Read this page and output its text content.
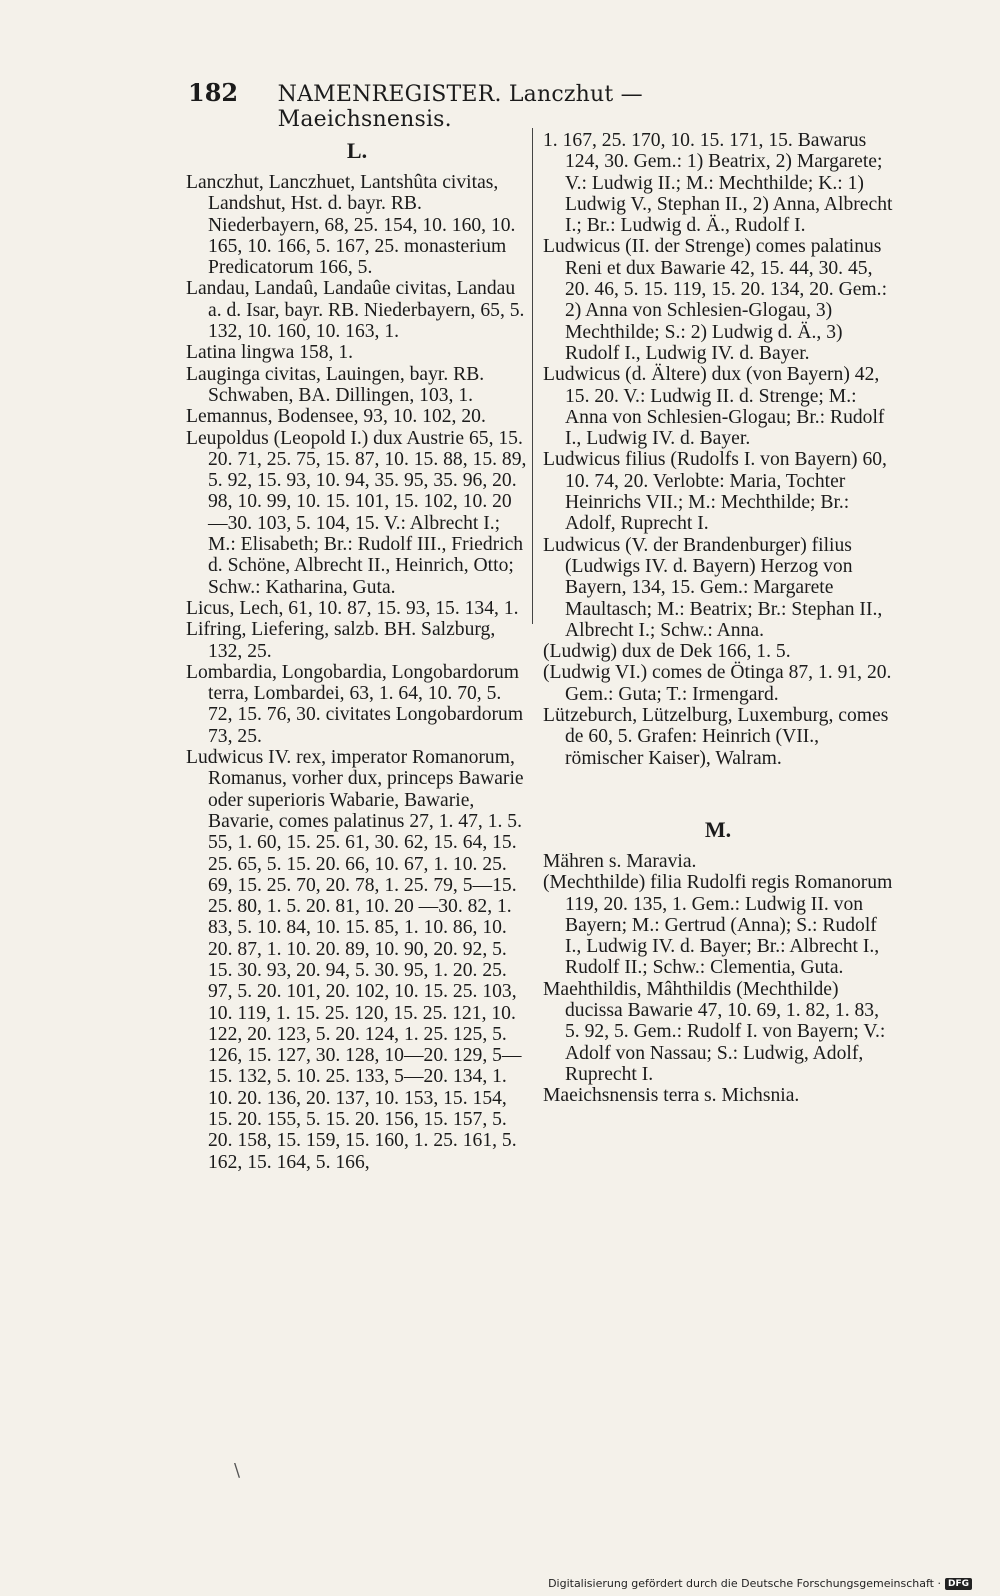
182	NAMENREGISTER. Lanczhut — Maeichsnensis.
L.

Lanczhut, Lanczhuet, Lantshûta civitas, Landshut, Hst. d. bayr. RB. Niederbayern, 68, 25. 154, 10. 160, 10. 165, 10. 166, 5. 167, 25. monasterium Predicatorum 166, 5.

Landau, Landaû, Landaûe civitas, Landau a. d. Isar, bayr. RB. Niederbayern, 65, 5. 132, 10. 160, 10. 163, 1.

Latina lingwa 158, 1.

Lauginga civitas, Lauingen, bayr. RB. Schwaben, BA. Dillingen, 103, 1.

Lemannus, Bodensee, 93, 10. 102, 20.

Leupoldus (Leopold I.) dux Austrie 65, 15. 20. 71, 25. 75, 15. 87, 10. 15. 88, 15. 89, 5. 92, 15. 93, 10. 94, 35. 95, 35. 96, 20. 98, 10. 99, 10. 15. 101, 15. 102, 10. 20—30. 103, 5. 104, 15. V.: Albrecht I.; M.: Elisabeth; Br.: Rudolf III., Friedrich d. Schöne, Albrecht II., Heinrich, Otto; Schw.: Katharina, Guta.

Licus, Lech, 61, 10. 87, 15. 93, 15. 134, 1.

Lifring, Liefering, salzb. BH. Salzburg, 132, 25.

Lombardia, Longobardia, Longobardorum terra, Lombardei, 63, 1. 64, 10. 70, 5. 72, 15. 76, 30. civitates Longobardorum 73, 25.

Ludwicus IV. rex, imperator Romanorum, Romanus, vorher dux, princeps Bawarie oder superioris Wabarie, Bawarie, Bavarie, comes palatinus 27, 1. 47, 1. 5. 55, 1. 60, 15. 25. 61, 30. 62, 15. 64, 15. 25. 65, 5. 15. 20. 66, 10. 67, 1. 10. 25. 69, 15. 25. 70, 20. 78, 1. 25. 79, 5—15. 25. 80, 1. 5. 20. 81, 10. 20 —30. 82, 1. 83, 5. 10. 84, 10. 15. 85, 1. 10. 86, 10. 20. 87, 1. 10. 20. 89, 10. 90, 20. 92, 5. 15. 30. 93, 20. 94, 5. 30. 95, 1. 20. 25. 97, 5. 20. 101, 20. 102, 10. 15. 25. 103, 10. 119, 1. 15. 25. 120, 15. 25. 121, 10. 122, 20. 123, 5. 20. 124, 1. 25. 125, 5. 126, 15. 127, 30. 128, 10—20. 129, 5—15. 132, 5. 10. 25. 133, 5—20. 134, 1. 10. 20. 136, 20. 137, 10. 153, 15. 154, 15. 20. 155, 5. 15. 20. 156, 15. 157, 5. 20. 158, 15. 159, 15. 160, 1. 25. 161, 5. 162, 15. 164, 5. 166,

1. 167, 25. 170, 10. 15. 171, 15. Bawarus 124, 30. Gem.: 1) Beatrix, 2) Margarete; V.: Ludwig II.; M.: Mechthilde; K.: 1) Ludwig V., Stephan II., 2) Anna, Albrecht I.; Br.: Ludwig d. Ä., Rudolf I.

Ludwicus (II. der Strenge) comes palatinus Reni et dux Bawarie 42, 15. 44, 30. 45, 20. 46, 5. 15. 119, 15. 20. 134, 20. Gem.: 2) Anna von Schlesien-Glogau, 3) Mechthilde; S.: 2) Ludwig d. Ä., 3) Rudolf I., Ludwig IV. d. Bayer.

Ludwicus (d. Ältere) dux (von Bayern) 42, 15. 20. V.: Ludwig II. d. Strenge; M.: Anna von Schlesien-Glogau; Br.: Rudolf I., Ludwig IV. d. Bayer.

Ludwicus filius (Rudolfs I. von Bayern) 60, 10. 74, 20. Verlobte: Maria, Tochter Heinrichs VII.; M.: Mechthilde; Br.: Adolf, Ruprecht I.

Ludwicus (V. der Brandenburger) filius (Ludwigs IV. d. Bayern) Herzog von Bayern, 134, 15. Gem.: Margarete Maultasch; M.: Beatrix; Br.: Stephan II., Albrecht I.; Schw.: Anna.

(Ludwig) dux de Dek 166, 1. 5.

(Ludwig VI.) comes de Ötinga 87, 1. 91, 20. Gem.: Guta; T.: Irmengard.

Lützeburch, Lützelburg, Luxemburg, comes de 60, 5. Grafen: Heinrich (VII., römischer Kaiser), Walram.

M.

Mähren s. Maravia.

(Mechthilde) filia Rudolfi regis Romanorum 119, 20. 135, 1. Gem.: Ludwig II. von Bayern; M.: Gertrud (Anna); S.: Rudolf I., Ludwig IV. d. Bayer; Br.: Albrecht I., Rudolf II.; Schw.: Clementia, Guta.

Maehthildis, Mâhthildis (Mechthilde) ducissa Bawarie 47, 10. 69, 1. 82, 1. 83, 5. 92, 5. Gem.: Rudolf I. von Bayern; V.: Adolf von Nassau; S.: Ludwig, Adolf, Ruprecht I.

Maeichsnensis terra s. Michsnia.

\
Digitalisierung gefördert durch die Deutsche Forschungsgemeinschaft · DFG
